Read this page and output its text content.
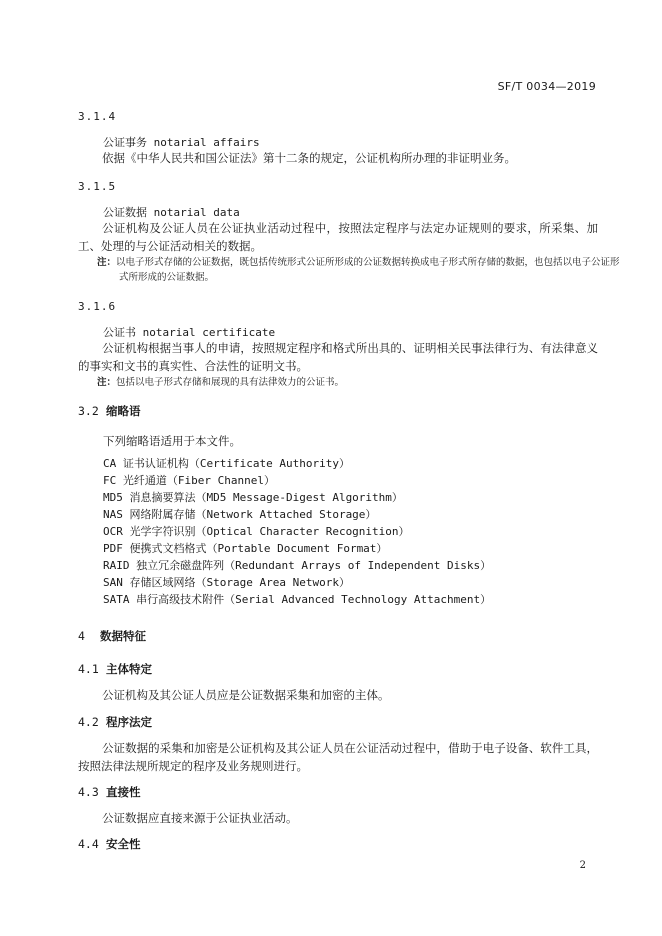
SF/T 0034—2019
3.1.4
公证事务 notarial affairs
依据《中华人民共和国公证法》第十二条的规定，公证机构所办理的非证明业务。
3.1.5
公证数据 notarial data
公证机构及公证人员在公证执业活动过程中，按照法定程序与法定办证规则的要求，所采集、加工、处理的与公证活动相关的数据。
注：以电子形式存储的公证数据，既包括传统形式公证所形成的公证数据转换成电子形式所存储的数据，也包括以电子公证形式所形成的公证数据。
3.1.6
公证书 notarial certificate
公证机构根据当事人的申请，按照规定程序和格式所出具的、证明相关民事法律行为、有法律意义的事实和文书的真实性、合法性的证明文书。
注：包括以电子形式存储和展现的具有法律效力的公证书。
3.2 缩略语
下列缩略语适用于本文件。
CA 证书认证机构（Certificate Authority）
FC 光纤通道（Fiber Channel）
MD5 消息摘要算法（MD5 Message-Digest Algorithm）
NAS 网络附属存储（Network Attached Storage）
OCR 光学字符识别（Optical Character Recognition）
PDF 便携式文档格式（Portable Document Format）
RAID 独立冗余磁盘阵列（Redundant Arrays of Independent Disks）
SAN 存储区域网络（Storage Area Network）
SATA 串行高级技术附件（Serial Advanced Technology Attachment）
4 数据特征
4.1 主体特定
公证机构及其公证人员应是公证数据采集和加密的主体。
4.2 程序法定
公证数据的采集和加密是公证机构及其公证人员在公证活动过程中，借助于电子设备、软件工具，按照法律法规所规定的程序及业务规则进行。
4.3 直接性
公证数据应直接来源于公证执业活动。
4.4 安全性
2
